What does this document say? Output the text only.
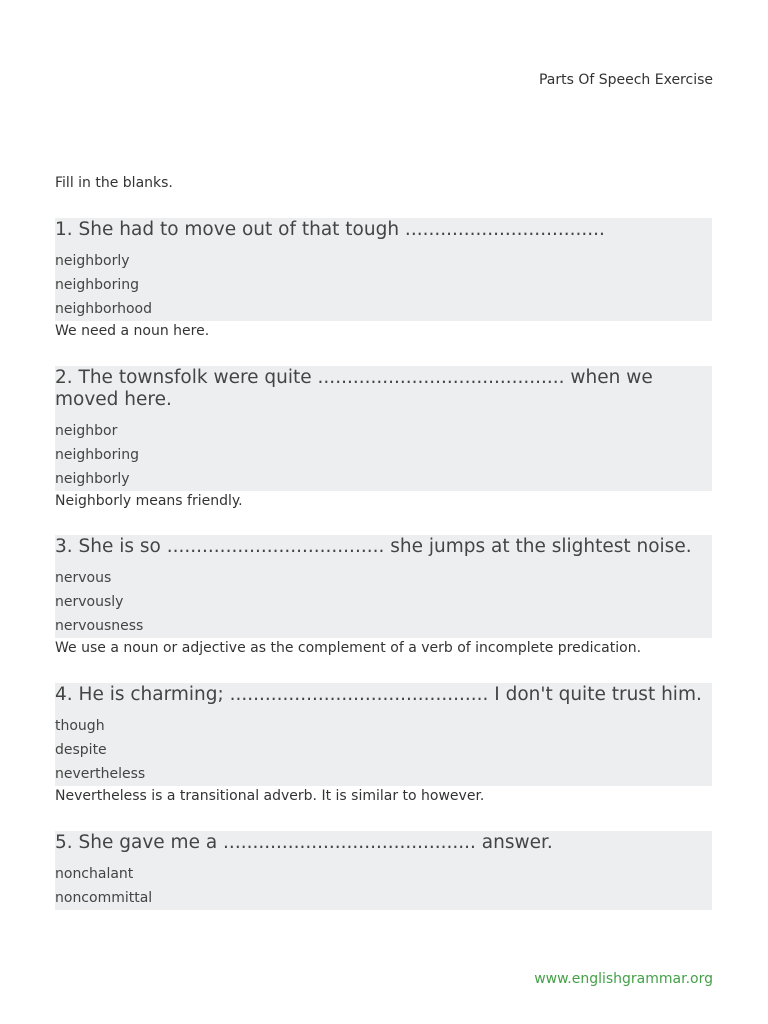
Parts Of Speech Exercise
Fill in the blanks.
1. She had to move out of that tough ..................................
neighborly
neighboring
neighborhood
We need a noun here.
2. The townsfolk were quite .......................................... when we moved here.
neighbor
neighboring
neighborly
Neighborly means friendly.
3. She is so ..................................... she jumps at the slightest noise.
nervous
nervously
nervousness
We use a noun or adjective as the complement of a verb of incomplete predication.
4. He is charming; ............................................ I don't quite trust him.
though
despite
nevertheless
Nevertheless is a transitional adverb. It is similar to however.
5. She gave me a ........................................... answer.
nonchalant
noncommittal
www.englishgrammar.org
